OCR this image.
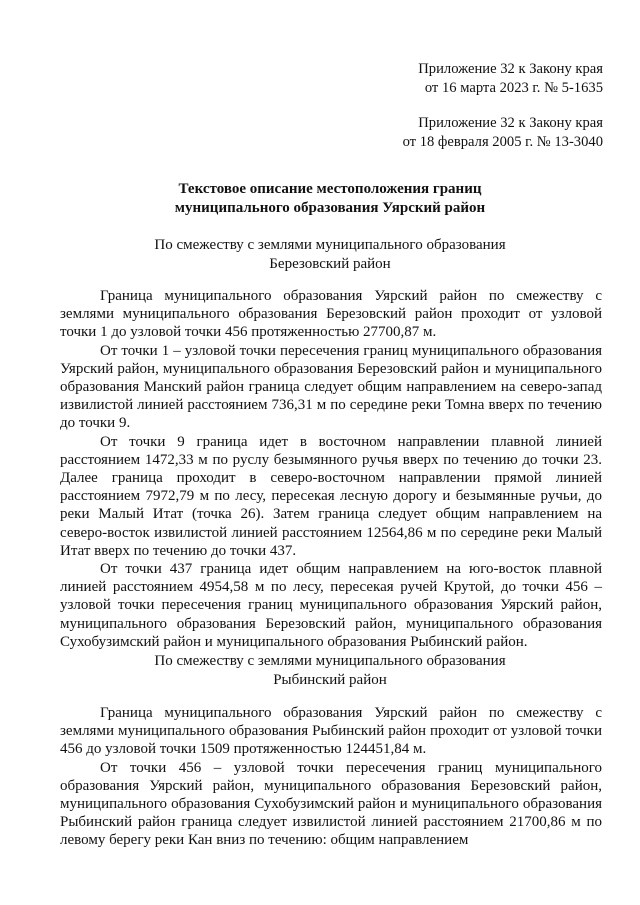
Приложение 32 к Закону края
от 16 марта 2023 г. № 5-1635
Приложение 32 к Закону края
от 18 февраля 2005 г. № 13-3040
Текстовое описание местоположения границ
муниципального образования Уярский район
По смежеству с землями муниципального образования
Березовский район

Граница муниципального образования Уярский район по смежеству с землями муниципального образования Березовский район проходит от узловой точки 1 до узловой точки 456 протяженностью 27700,87 м.

От точки 1 – узловой точки пересечения границ муниципального образования Уярский район, муниципального образования Березовский район и муниципального образования Манский район граница следует общим направлением на северо-запад извилистой линией расстоянием 736,31 м по середине реки Томна вверх по течению до точки 9.

От точки 9 граница идет в восточном направлении плавной линией расстоянием 1472,33 м по руслу безымянного ручья вверх по течению до точки 23. Далее граница проходит в северо-восточном направлении прямой линией расстоянием 7972,79 м по лесу, пересекая лесную дорогу и безымянные ручьи, до реки Малый Итат (точка 26). Затем граница следует общим направлением на северо-восток извилистой линией расстоянием 12564,86 м по середине реки Малый Итат вверх по течению до точки 437.

От точки 437 граница идет общим направлением на юго-восток плавной линией расстоянием 4954,58 м по лесу, пересекая ручей Крутой, до точки 456 – узловой точки пересечения границ муниципального образования Уярский район, муниципального образования Березовский район, муниципального образования Сухобузимский район и муниципального образования Рыбинский район.

По смежеству с землями муниципального образования
Рыбинский район

Граница муниципального образования Уярский район по смежеству с землями муниципального образования Рыбинский район проходит от узловой точки 456 до узловой точки 1509 протяженностью 124451,84 м.

От точки 456 – узловой точки пересечения границ муниципального образования Уярский район, муниципального образования Березовский район, муниципального образования Сухобузимский район и муниципального образования Рыбинский район граница следует извилистой линией расстоянием 21700,86 м по левому берегу реки Кан вниз по течению: общим направлением
